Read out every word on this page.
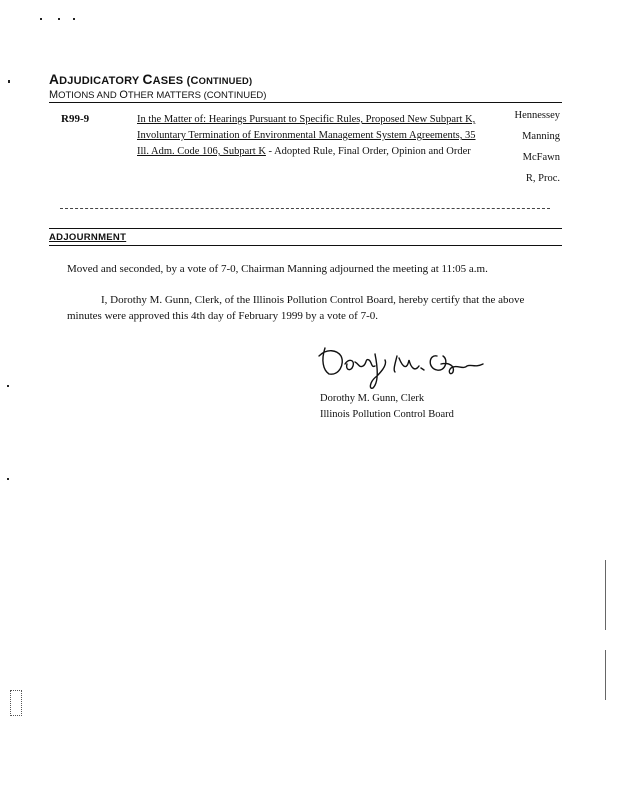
ADJUDICATORY CASES (CONTINUED)
MOTIONS AND OTHER MATTERS (CONTINUED)
R99-9	In the Matter of: Hearings Pursuant to Specific Rules, Proposed New Subpart K, Involuntary Termination of Environmental Management System Agreements, 35 Ill. Adm. Code 106, Subpart K - Adopted Rule, Final Order, Opinion and Order
Hennessey
Manning
McFawn
R, Proc.
ADJOURNMENT
Moved and seconded, by a vote of 7-0, Chairman Manning adjourned the meeting at 11:05 a.m.
I, Dorothy M. Gunn, Clerk, of the Illinois Pollution Control Board, hereby certify that the above minutes were approved this 4th day of February 1999 by a vote of 7-0.
Dorothy M. Gunn
Dorothy M. Gunn, Clerk
Illinois Pollution Control Board
